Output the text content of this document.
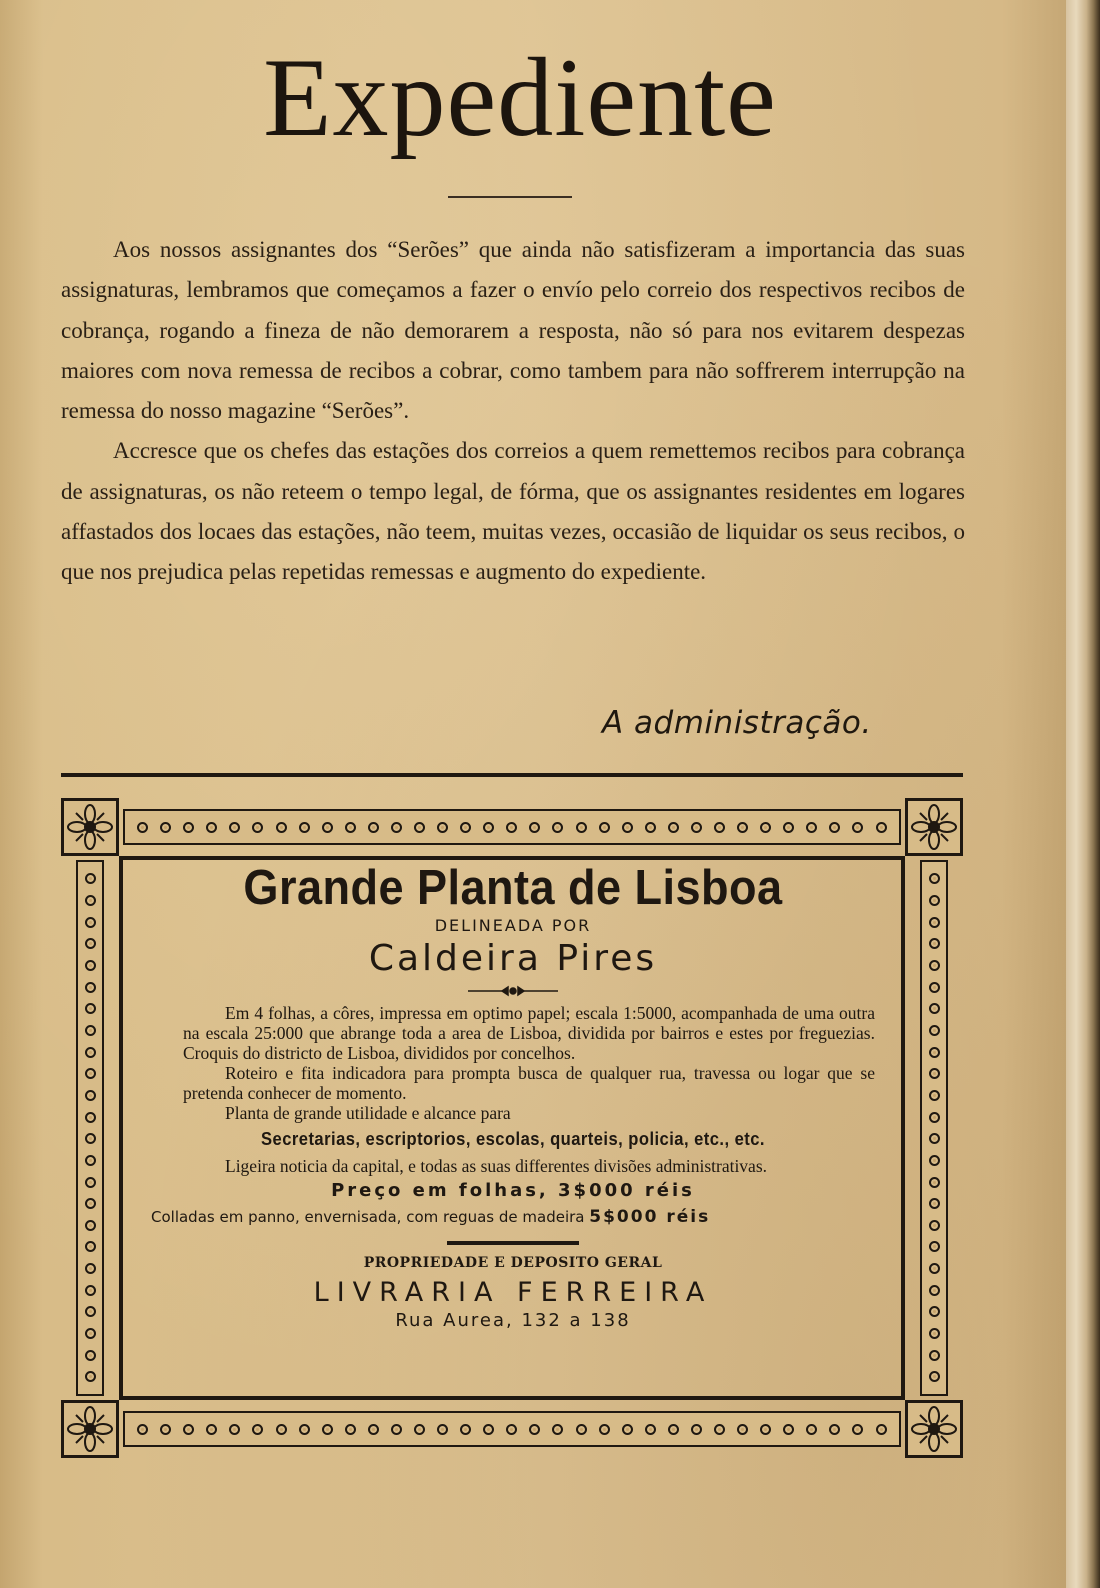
Expediente

Aos nossos assignantes dos “Serões” que ainda não satisfizeram a importancia das suas assignaturas, lembramos que começamos a fazer o envío pelo correio dos respectivos recibos de cobrança, rogando a fineza de não demorarem a resposta, não só para nos evitarem despezas maiores com nova remessa de recibos a cobrar, como tambem para não soffrerem interrupção na remessa do nosso magazine “Serões”.

Accresce que os chefes das estações dos correios a quem remettemos recibos para cobrança de assignaturas, os não reteem o tempo legal, de fórma, que os assignantes residentes em logares affastados dos locaes das estações, não teem, muitas vezes, occasião de liquidar os seus recibos, o que nos prejudica pelas repetidas remessas e augmento do expediente.

A administração.
Grande Planta de Lisboa
DELINEADA POR
Caldeira Pires

Em 4 folhas, a côres, impressa em optimo papel; escala 1:5000, acompanhada de uma outra na escala 25:000 que abrange toda a area de Lisboa, dividida por bairros e estes por freguezias. Croquis do districto de Lisboa, divididos por concelhos.

Roteiro e fita indicadora para prompta busca de qualquer rua, travessa ou logar que se pretenda conhecer de momento.

Planta de grande utilidade e alcance para

Secretarias, escriptorios, escolas, quarteis, policia, etc., etc.

Ligeira noticia da capital, e todas as suas differentes divisões administrativas.

Preço em folhas, 3$000 réis
Colladas em panno, envernisada, com reguas de madeira 5$000 réis
PROPRIEDADE E DEPOSITO GERAL
LIVRARIA FERREIRA
Rua Aurea, 132 a 138
